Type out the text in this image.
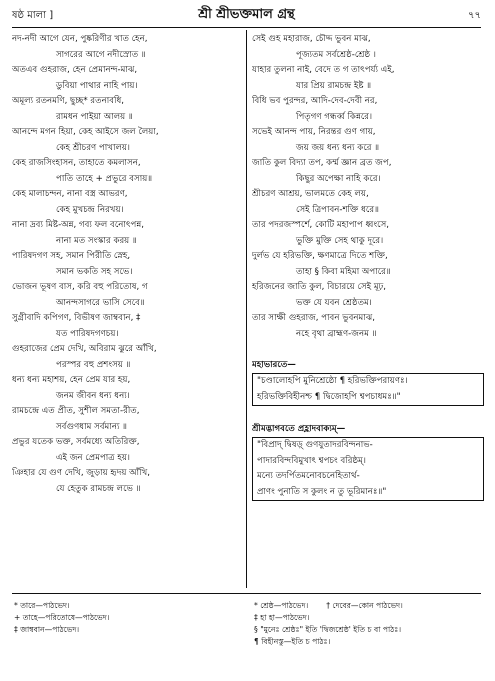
ষষ্ঠ মালা ]	শ্রী শ্রীভক্তমাল গ্রন্থ	৭৭
নদ-নদী আগে যেন, পুষ্করিণীর খাত হেন,
সাগরের আগে নদীস্রোত ॥
অতএব গুহরাজ, হেন প্রেমানন্দ-মাঝ,
ডুবিয়া পাথার নাহি পায়।
অমূল্য রতনমণি, ছুচ্ছ* রতনাবধি,
রামধন পাইয়া আলয় ॥
আনন্দে মগন হিয়া, কেহ আইসে জল লৈয়া,
কেহ শ্রীচরণ পাখালয়।
কেহ রাজসিংহাসন, তাহাতে কমলাসন,
পাতি তাহে + প্রভুরে বসায়॥
কেহ মালাচন্দন, নানা বস্ত্র আভরণ,
কেহ মুখচন্দ্র নিরখয়।
নানা দ্রব্য মিষ্ট-অন্ন, গব্য ফল বনোৎপন্ন,
নানা মত সংস্কার করয় ॥
পারিষদগণ সহ, সমান পিরীতি স্নেহ,
সমান ভকতি সহ সভে।
ভোজন ভূষণ বাস, করি বহু পরিতোষ, গ
আনন্দসাগরে ভাসি সেবে॥
সুগ্রীবাদি কপিগণ, বিভীষণ জাম্ববান, ‡
যত পারিষদগণচয়।
গুহরাজের প্রেম দেখি, অবিরাম ঝুরে আঁখি,
পরস্পর বহু প্রশংসয় ॥
ধন্য ধন্য মহাশয়, হেন প্রেম যার হয়,
জনম জীবন ধন্য ধন্য।
রামচন্দ্রে এত প্রীত, সুশীল সমতা-রীত,
সর্বগুণধাম সর্বমান্য ॥
প্রভুর যতেক ভক্ত, সর্বমধ্যে অতিরিক্ত,
এই জন প্রেমপাত্র হয়।
ঞিহার যে গুণ দেখি, জুড়ায় হৃদয় আঁখি,
যে হেতুক রামচন্দ্র লভে ॥
সেই গুহ মহারাজ, চৌদ্দ ভুবন মাঝ,
পূজ্যতম সর্বশ্রেষ্ঠ-শ্রেষ্ঠ ।
যাহার তুলনা নাই, বেদে ত গ তাৎপর্য্য এই,
যার প্রিয় রামচন্দ্র ইষ্ট ॥
বিধি ভব পুরন্দর, আদি-দেব-দেবী নর,
পিতৃগণ গন্ধর্ব্ব কিন্নরে।
সভেই আনন্দ পায়, নিরন্তর গুণ গায়,
জয় জয় ধন্য ধন্য করে ॥
জাতি কুল বিদ্যা তপ, কর্ম্ম জ্ঞান ব্রত জপ,
কিছুর অপেক্ষা নাহি করে।
শ্রীচরণ আশ্রয়, ভালমতে কেহ লয়,
সেই ত্রিপাবন-শক্তি ধরে॥
তার পদরজস্পর্শে, কোটি মহাপাপ ধ্বংসে,
ভুক্তি মুক্তি সেহ থাকু দূরে।
দুর্লভ যে হরিভক্তি, ক্ষণমাত্রে দিতে শক্তি,
তাহা § কিবা মহিমা অপারে॥
হরিজনের জাতি কুল, বিচারয়ে সেই মূঢ়,
ভক্ত যে যবন শ্রেষ্ঠতম।
তার সাক্ষী গুহরাজ, পাবন ভুবনমাঝ,
নহে বৃথা ব্রাহ্মণ-জনম ॥
মহাভারতে—
"চণ্ডালোহপি মুনিশ্রেষ্ঠো ¶ হরিভক্তিপরায়ণঃ।
হরিভক্তিবিহীনশ্চ ¶ দ্বিজোহপি শ্বপচাধমঃ॥"
শ্রীমদ্ভাগবতে প্রহ্লাদবাক্যম্—
"বিপ্রাদ্ দ্বিষড়্ গুণযুতাদরবিন্দনাভ-
পাদারবিন্দবিমুখাৎ শ্বপচং বরিষ্ঠম্।
মন্যে তদর্পিতমনোবচনেহিতার্থ-
প্রাণং পুনাতি স কুলং ন তু ভূরিমানঃ॥"
* তারে—পাঠভেদ।
+ তাহে—পরিতোষে—পাঠভেদ।
‡ জাম্ববান—পাঠভেদ।
* শ্রেষ্ঠ—পাঠভেদ। † দেবের—কোন পাঠভেদ।
‡ হা হা—পাঠভেদ।
§ "মুনেঃ শ্রেষ্ঠঃ" ইতি 'দ্বিজশ্রেষ্ঠ' ইতি চ বা পাঠঃ।
¶ বিহীনস্তু—ইতি চ পাঠঃ।
